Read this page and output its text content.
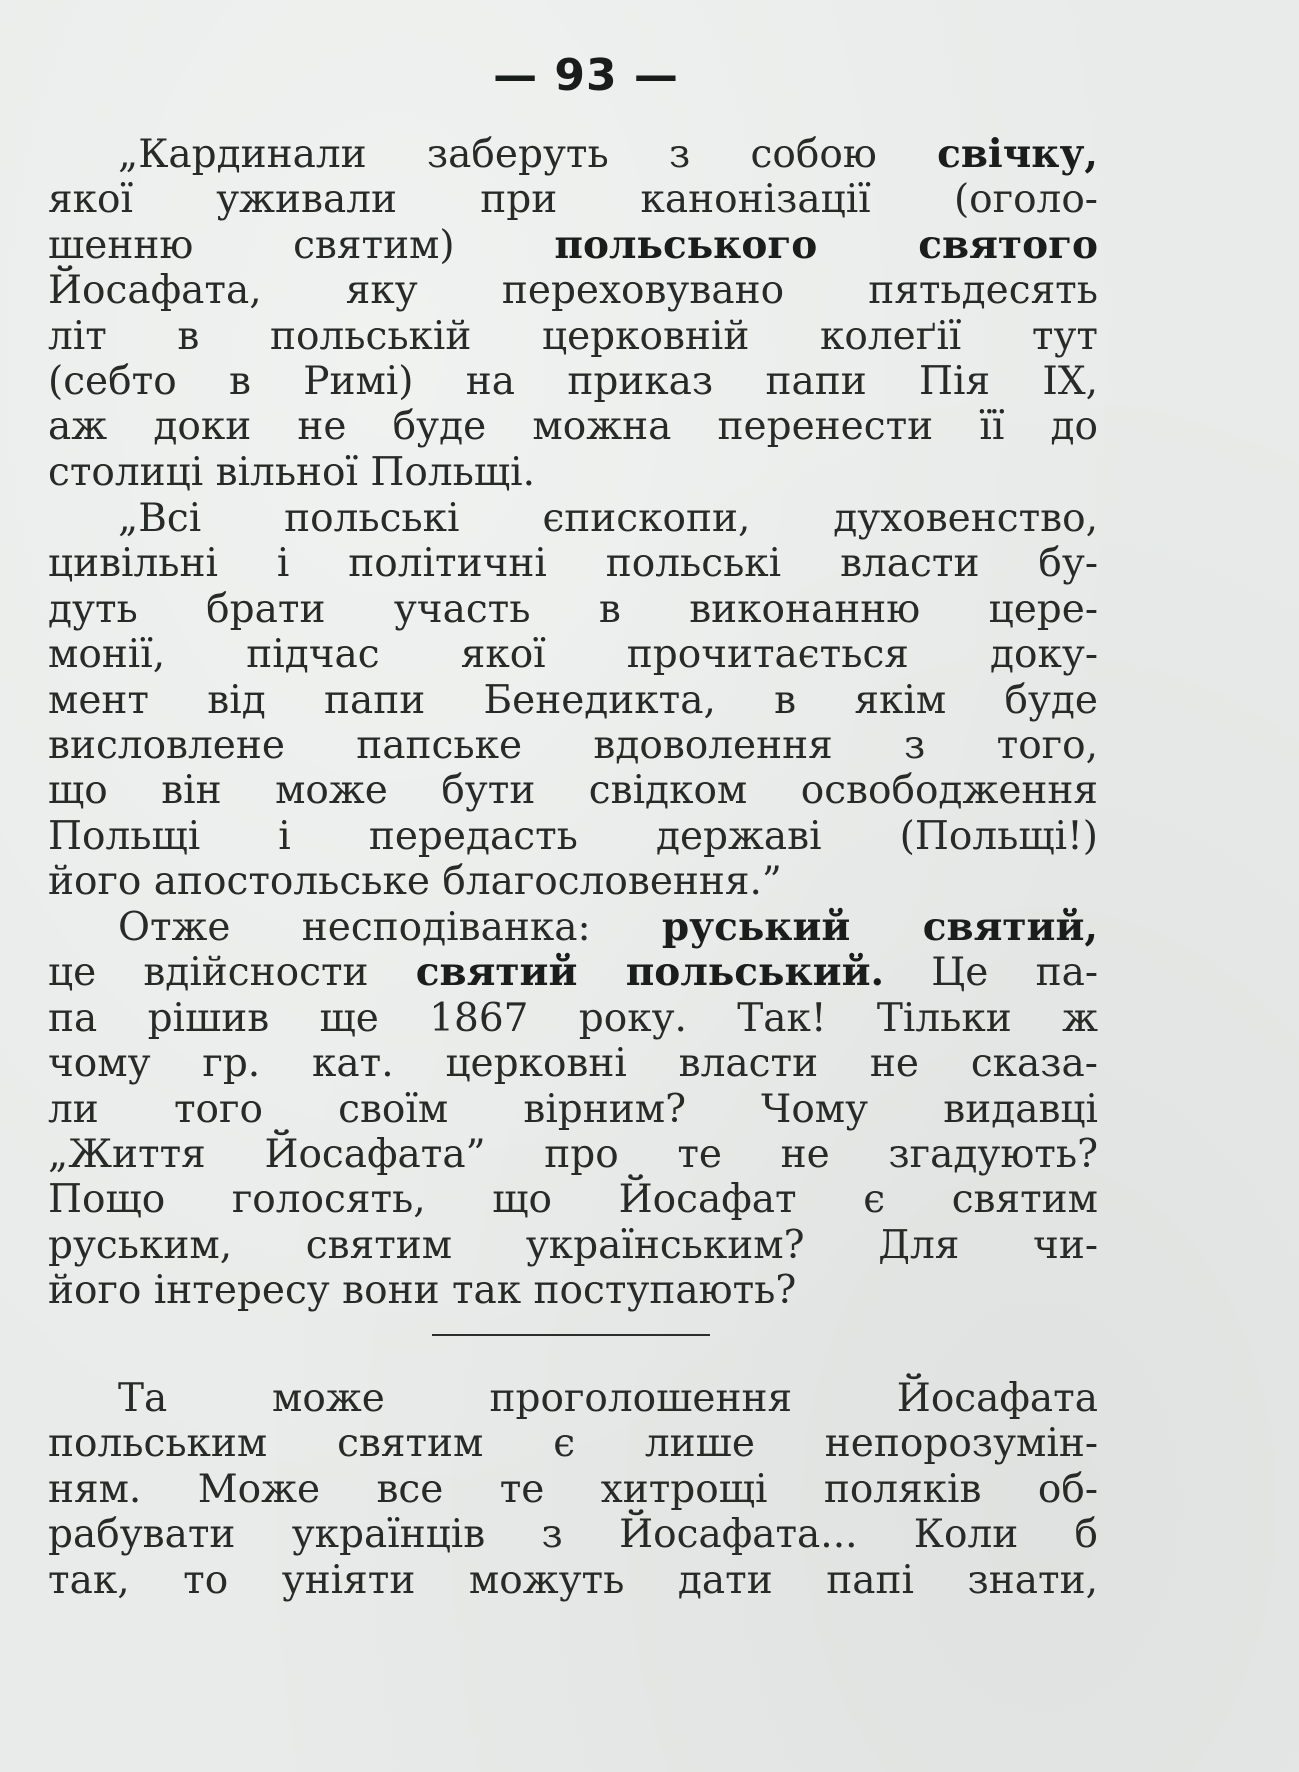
— 93 —
„Кардинали заберуть з собою свічку,
якої уживали при канонізації (оголо-
шенню святим) польського святого
Йосафата, яку переховувано пятьдесять
літ в польській церковній колеґії тут
(себто в Римі) на приказ папи Пія IX,
аж доки не буде можна перенести її до
столиці вільної Польщі.
„Всі польські єпископи, духовенство,
цивільні і політичні польські власти бу-
дуть брати участь в виконанню цере-
монії, підчас якої прочитається доку-
мент від папи Бенедикта, в якім буде
висловлене папське вдоволення з того,
що він може бути свідком освободження
Польщі і передасть державі (Польщі!)
його апостольське благословення.”
Отже несподіванка: руський святий,
це вдійсности святий польський. Це па-
па рішив ще 1867 року. Так! Тільки ж
чому гр. кат. церковні власти не сказа-
ли того своїм вірним? Чому видавці
„Життя Йосафата” про те не згадують?
Пощо голосять, що Йосафат є святим
руським, святим українським? Для чи-
його інтересу вони так поступають?
Та може проголошення Йосафата
польським святим є лише непорозумін-
ням. Може все те хитрощі поляків об-
рабувати українців з Йосафата... Коли б
так, то уніяти можуть дати папі знати,
